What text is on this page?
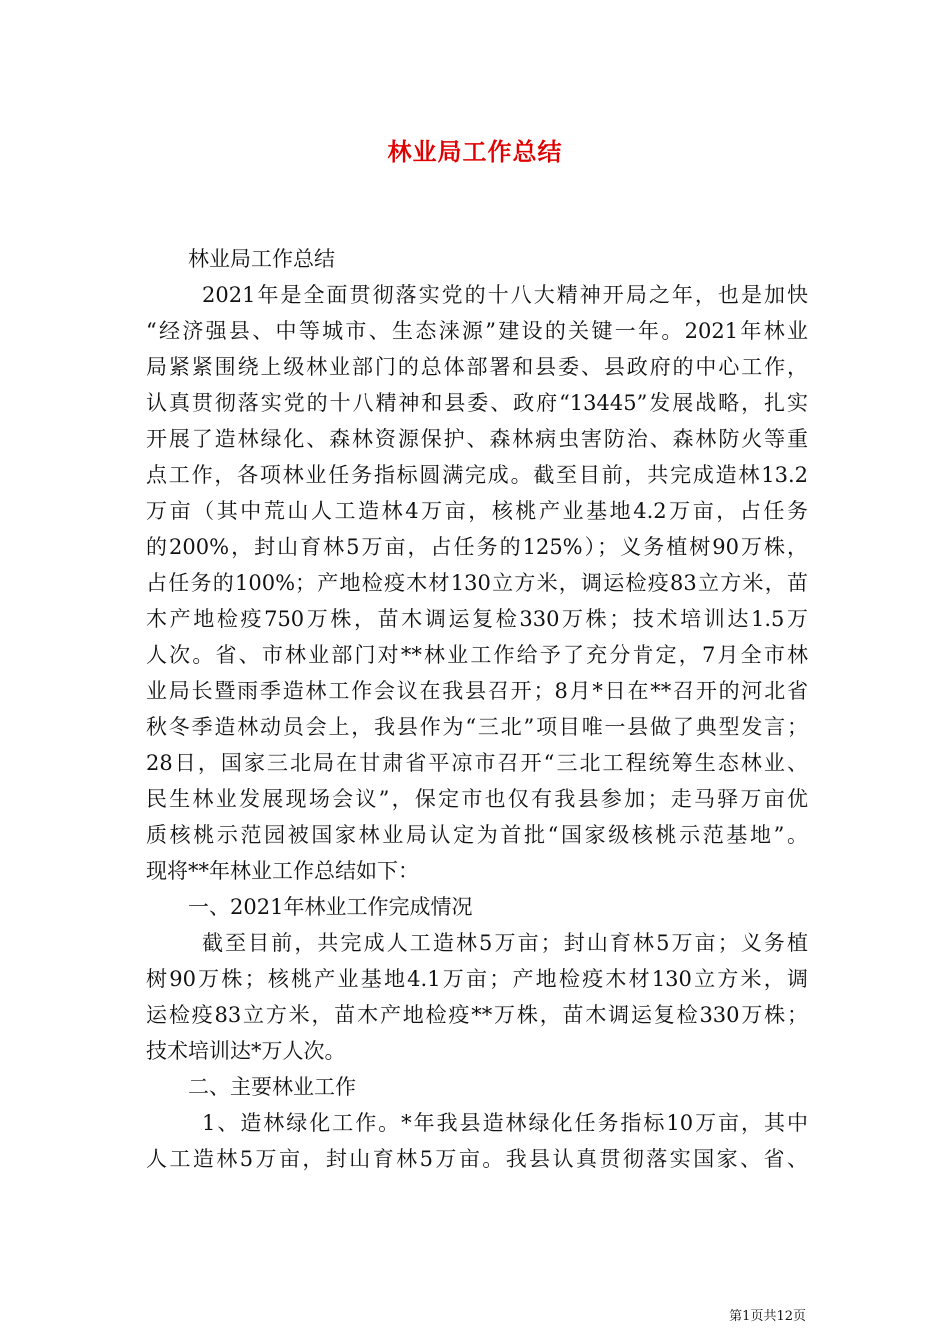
林业局工作总结
林业局工作总结
2021年是全面贯彻落实党的十八大精神开局之年，也是加快
“经济强县、中等城市、生态涞源”建设的关键一年。2021年林业
局紧紧围绕上级林业部门的总体部署和县委、县政府的中心工作，
认真贯彻落实党的十八精神和县委、政府“13445”发展战略，扎实
开展了造林绿化、森林资源保护、森林病虫害防治、森林防火等重
点工作，各项林业任务指标圆满完成。截至目前，共完成造林13.2
万亩（其中荒山人工造林4万亩，核桃产业基地4.2万亩，占任务
的200%，封山育林5万亩，占任务的125%）；义务植树90万株，
占任务的100%；产地检疫木材130立方米，调运检疫83立方米，苗
木产地检疫750万株，苗木调运复检330万株；技术培训达1.5万
人次。省、市林业部门对**林业工作给予了充分肯定，7月全市林
业局长暨雨季造林工作会议在我县召开；8月*日在**召开的河北省
秋冬季造林动员会上，我县作为“三北”项目唯一县做了典型发言；
28日，国家三北局在甘肃省平凉市召开“三北工程统筹生态林业、
民生林业发展现场会议”，保定市也仅有我县参加；走马驿万亩优
质核桃示范园被国家林业局认定为首批“国家级核桃示范基地”。
现将**年林业工作总结如下：
一、2021年林业工作完成情况
截至目前，共完成人工造林5万亩；封山育林5万亩；义务植
树90万株；核桃产业基地4.1万亩；产地检疫木材130立方米，调
运检疫83立方米，苗木产地检疫**万株，苗木调运复检330万株；
技术培训达*万人次。
二、主要林业工作
1、造林绿化工作。*年我县造林绿化任务指标10万亩，其中
人工造林5万亩，封山育林5万亩。我县认真贯彻落实国家、省、
第1页共12页
